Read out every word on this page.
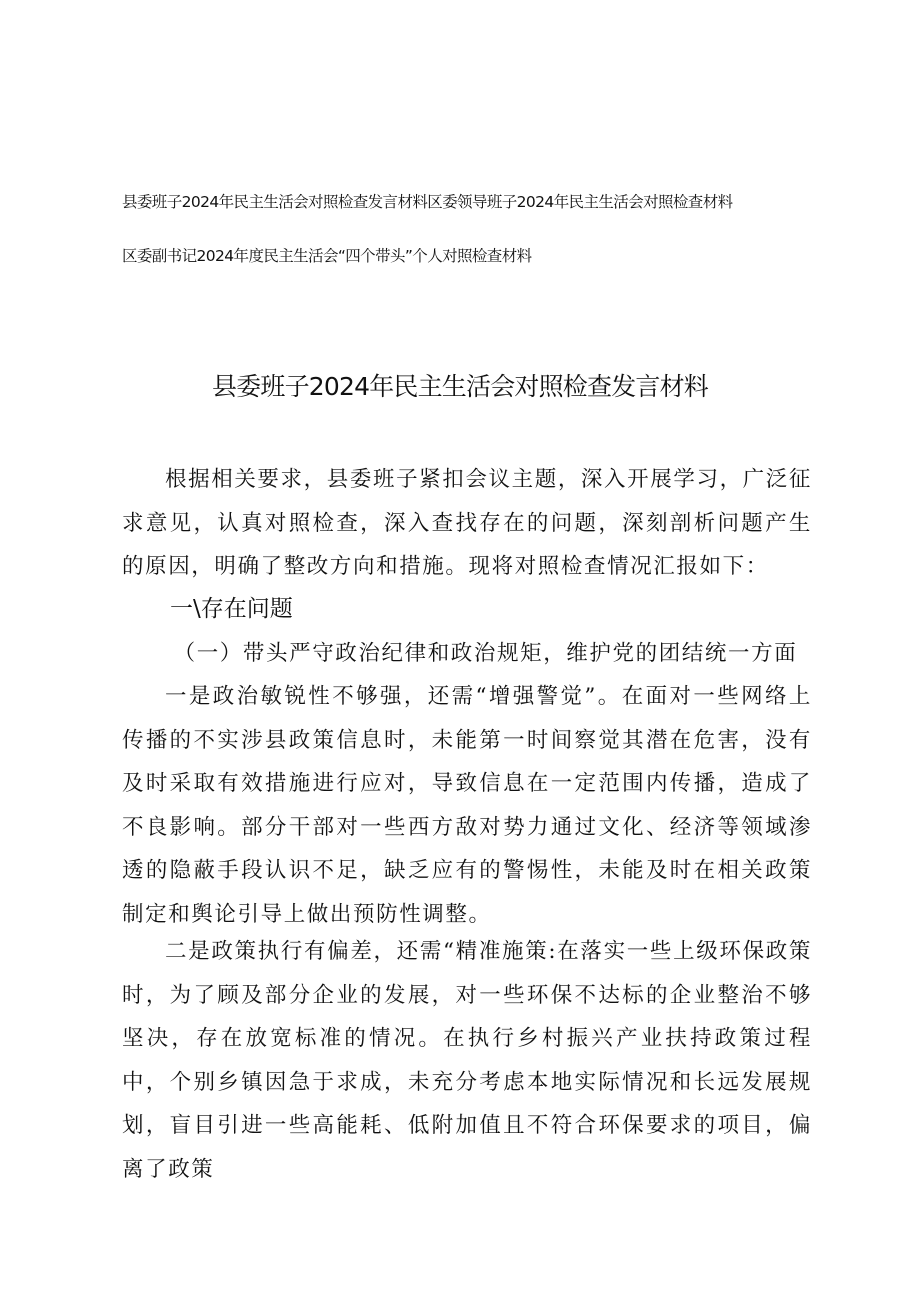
县委班子2024年民主生活会对照检查发言材料区委领导班子2024年民主生活会对照检查材料
区委副书记2024年度民主生活会“四个带头”个人对照检查材料
县委班子2024年民主生活会对照检查发言材料

根据相关要求，县委班子紧扣会议主题，深入开展学习，广泛征求意见，认真对照检查，深入查找存在的问题，深刻剖析问题产生的原因，明确了整改方向和措施。现将对照检查情况汇报如下：

一\存在问题

（一）带头严守政治纪律和政治规矩，维护党的团结统一方面

一是政治敏锐性不够强，还需“增强警觉”。在面对一些网络上传播的不实涉县政策信息时，未能第一时间察觉其潜在危害，没有及时采取有效措施进行应对，导致信息在一定范围内传播，造成了不良影响。部分干部对一些西方敌对势力通过文化、经济等领域渗透的隐蔽手段认识不足，缺乏应有的警惕性，未能及时在相关政策制定和舆论引导上做出预防性调整。

二是政策执行有偏差，还需“精准施策:在落实一些上级环保政策时，为了顾及部分企业的发展，对一些环保不达标的企业整治不够坚决，存在放宽标准的情况。在执行乡村振兴产业扶持政策过程中，个别乡镇因急于求成，未充分考虑本地实际情况和长远发展规划，盲目引进一些高能耗、低附加值且不符合环保要求的项目，偏离了政策
